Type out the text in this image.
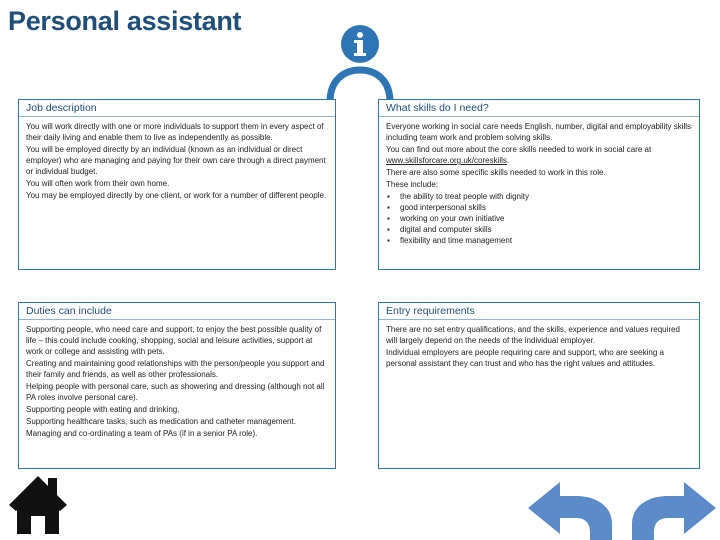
Personal assistant
Job description

You will work directly with one or more individuals to support them in every aspect of their daily living and enable them to live as independently as possible.

You will be employed directly by an individual (known as an individual or direct employer) who are managing and paying for their own care through a direct payment or individual budget.

You will often work from their own home.

You may be employed directly by one client, or work for a number of different people.

What skills do I need?

Everyone working in social care needs English, number, digital and employability skills including team work and problem solving skills.

You can find out more about the core skills needed to work in social care at www.skillsforcare.org.uk/coreskills.

There are also some specific skills needed to work in this role.

These include:

▪ the ability to treat people with dignity
▪ good interpersonal skills
▪ working on your own initiative
▪ digital and computer skills
▪ flexibility and time management
Duties can include

Supporting people, who need care and support, to enjoy the best possible quality of life – this could include cooking, shopping, social and leisure activities, support at work or college and assisting with pets.

Creating and maintaining good relationships with the person/people you support and their family and friends, as well as other professionals.

Helping people with personal care, such as showering and dressing (although not all PA roles involve personal care).

Supporting people with eating and drinking.

Supporting healthcare tasks, such as medication and catheter management.

Managing and co-ordinating a team of PAs (if in a senior PA role).

Entry requirements

There are no set entry qualifications, and the skills, experience and values required will largely depend on the needs of the individual employer.

Individual employers are people requiring care and support, who are seeking a personal assistant they can trust and who has the right values and attitudes.
